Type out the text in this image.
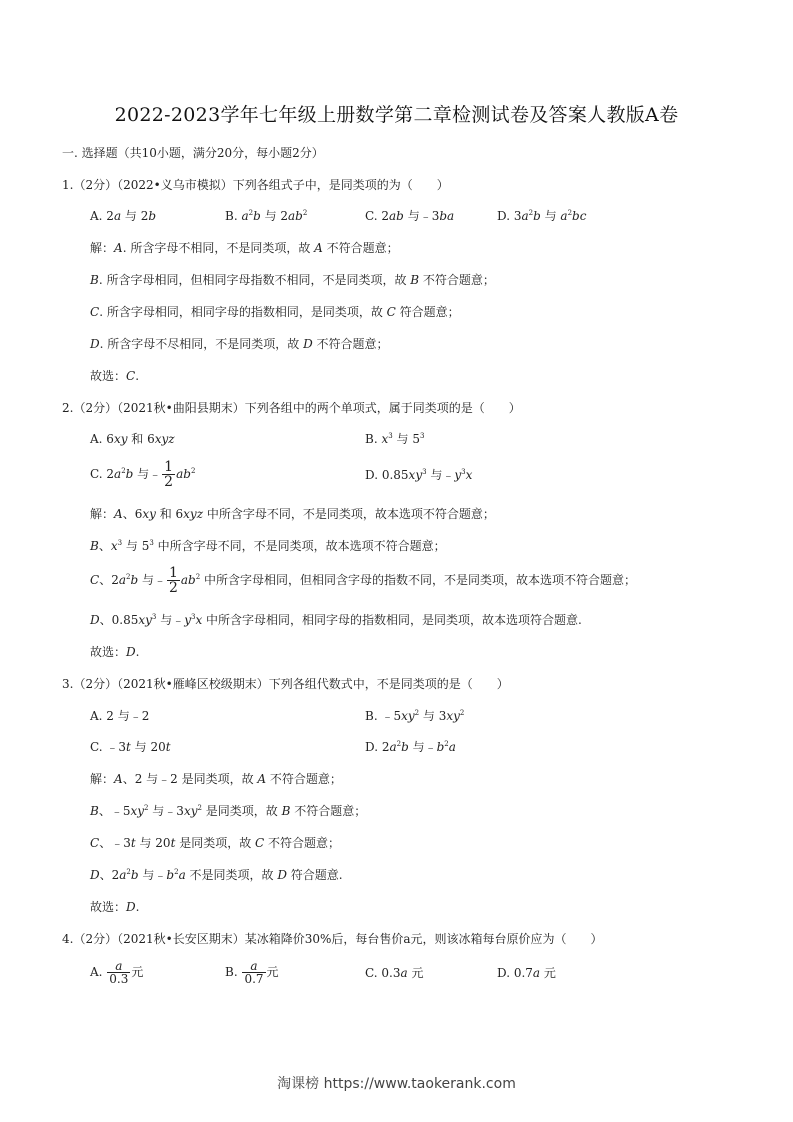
2022-2023学年七年级上册数学第二章检测试卷及答案人教版A卷
一. 选择题（共10小题，满分20分，每小题2分）
1.（2分）（2022•义乌市模拟）下列各组式子中，是同类项的为（　　）
A. 2a 与 2b	B. $a^2b$ 与 $2ab^2$	C. 2ab 与﹣3ba	D. $3a^2b$ 与 $a^2bc$
解：A. 所含字母不相同，不是同类项，故 A 不符合题意；
B. 所含字母相同，但相同字母指数不相同，不是同类项，故 B 不符合题意；
C. 所含字母相同，相同字母的指数相同，是同类项，故 C 符合题意；
D. 所含字母不尽相同，不是同类项，故 D 不符合题意；
故选：C.
2.（2分）（2021秋•曲阳县期末）下列各组中的两个单项式，属于同类项的是（　　）
A. 6xy 和 6xyz	B. $x^3$ 与 $5^3$
C. $2a^2b$ 与﹣ $\frac{1}{2} ab^2$	D. $0.85xy^3$ 与$﹣y^3x$
解：A、6xy 和 6xyz 中所含字母不同，不是同类项，故本选项不符合题意；
B、$x^3$ 与 $5^3$ 中所含字母不同，不是同类项，故本选项不符合题意；
C、$2a^2b$ 与﹣ $\frac{1}{2} ab^2$ 中所含字母相同，但相同含字母的指数不同，不是同类项，故本选项不符合题意；
D、$0.85xy^3$ 与$﹣y^3x$ 中所含字母相同，相同字母的指数相同，是同类项，故本选项符合题意.
故选：D.
3.（2分）（2021秋•雁峰区校级期末）下列各组代数式中，不是同类项的是（　　）
A. 2 与﹣2	B. $﹣5xy^2$ 与 $3xy^2$
C. ﹣3t 与 20t	D. $2a^2b$ 与$﹣b^2a$
解：A、2 与﹣2 是同类项，故 A 不符合题意；
B、$﹣5xy^2$ 与$﹣3xy^2$ 是同类项，故 B 不符合题意；
C、﹣3t 与 20t 是同类项，故 C 不符合题意；
D、$2a^2b$ 与$﹣b^2a$ 不是同类项，故 D 符合题意.
故选：D.
4.（2分）（2021秋•长安区期末）某冰箱降价30%后，每台售价a元，则该冰箱每台原价应为（　　）
A. $\frac{a}{0.3}$ 元	B. $\frac{a}{0.7}$ 元	C. 0.3a 元	D. 0.7a 元
淘课榜 https://www.taokerank.com
